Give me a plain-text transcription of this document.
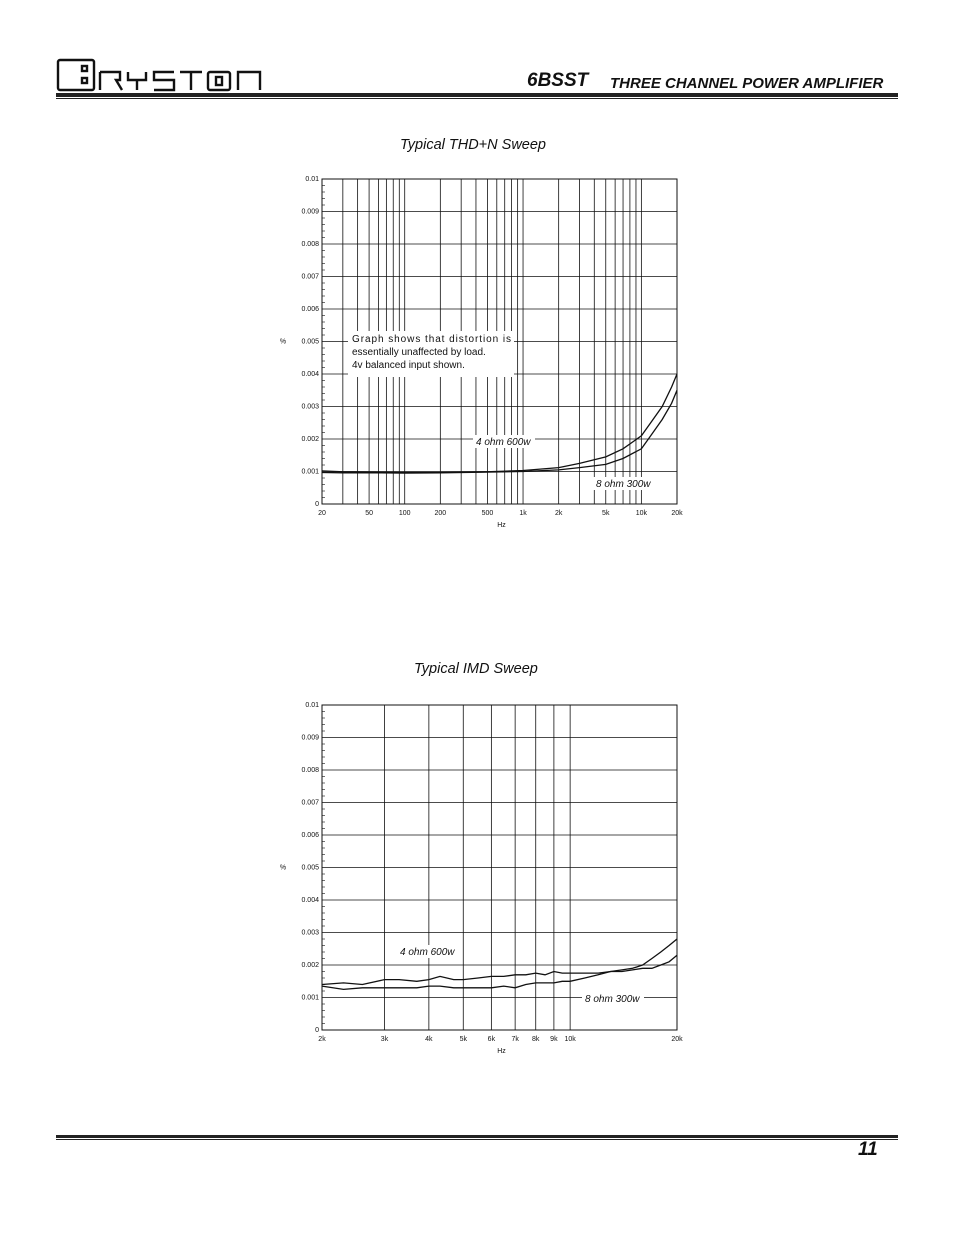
6BSST THREE CHANNEL POWER AMPLIFIER
Typical THD+N Sweep
Typical IMD Sweep
0
0.001
0.002
0.003
0.004
0.005
0.006
0.007
0.008
0.009
0.01
20	50	100	200	500	1k	2k	5k	10k	20k
Hz
%
4 ohm 600w
8 ohm 300w
Graph shows that distortion is
essentially unaffected by load.
4v balanced input shown.
0
0.001
0.002
0.003
0.004
0.005
0.006
0.007
0.008
0.009
0.01
2k	3k	4k	5k	6k 7k 8k 9k 10k	20k
Hz
%
4 ohm 600w
8 ohm 300w
11
